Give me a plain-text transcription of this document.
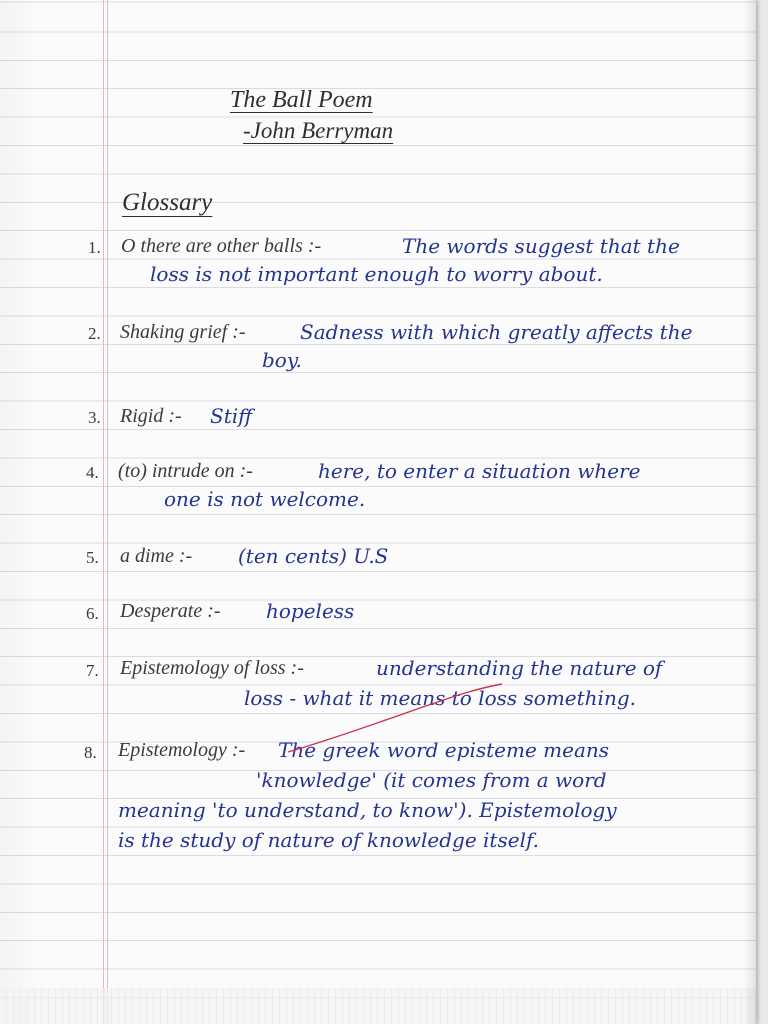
The Ball Poem
-John Berryman
Glossary
1. O there are other balls :-	The words suggest that the
loss is not important enough to worry about.
2. Shaking grief :-	Sadness with which greatly affects the
boy.
3. Rigid :- Stiff
4. (to) intrude on :-	here, to enter a situation where
one is not welcome.
5. a dime :- (ten cents) U.S
6. Desperate :- hopeless
7. Epistemology of loss :-	understanding the nature of
loss - what it means to loss something.
8. Epistemology :- The greek word episteme means
'knowledge' (it comes from a word
meaning 'to understand, to know'). Epistemology
is the study of nature of knowledge itself.
